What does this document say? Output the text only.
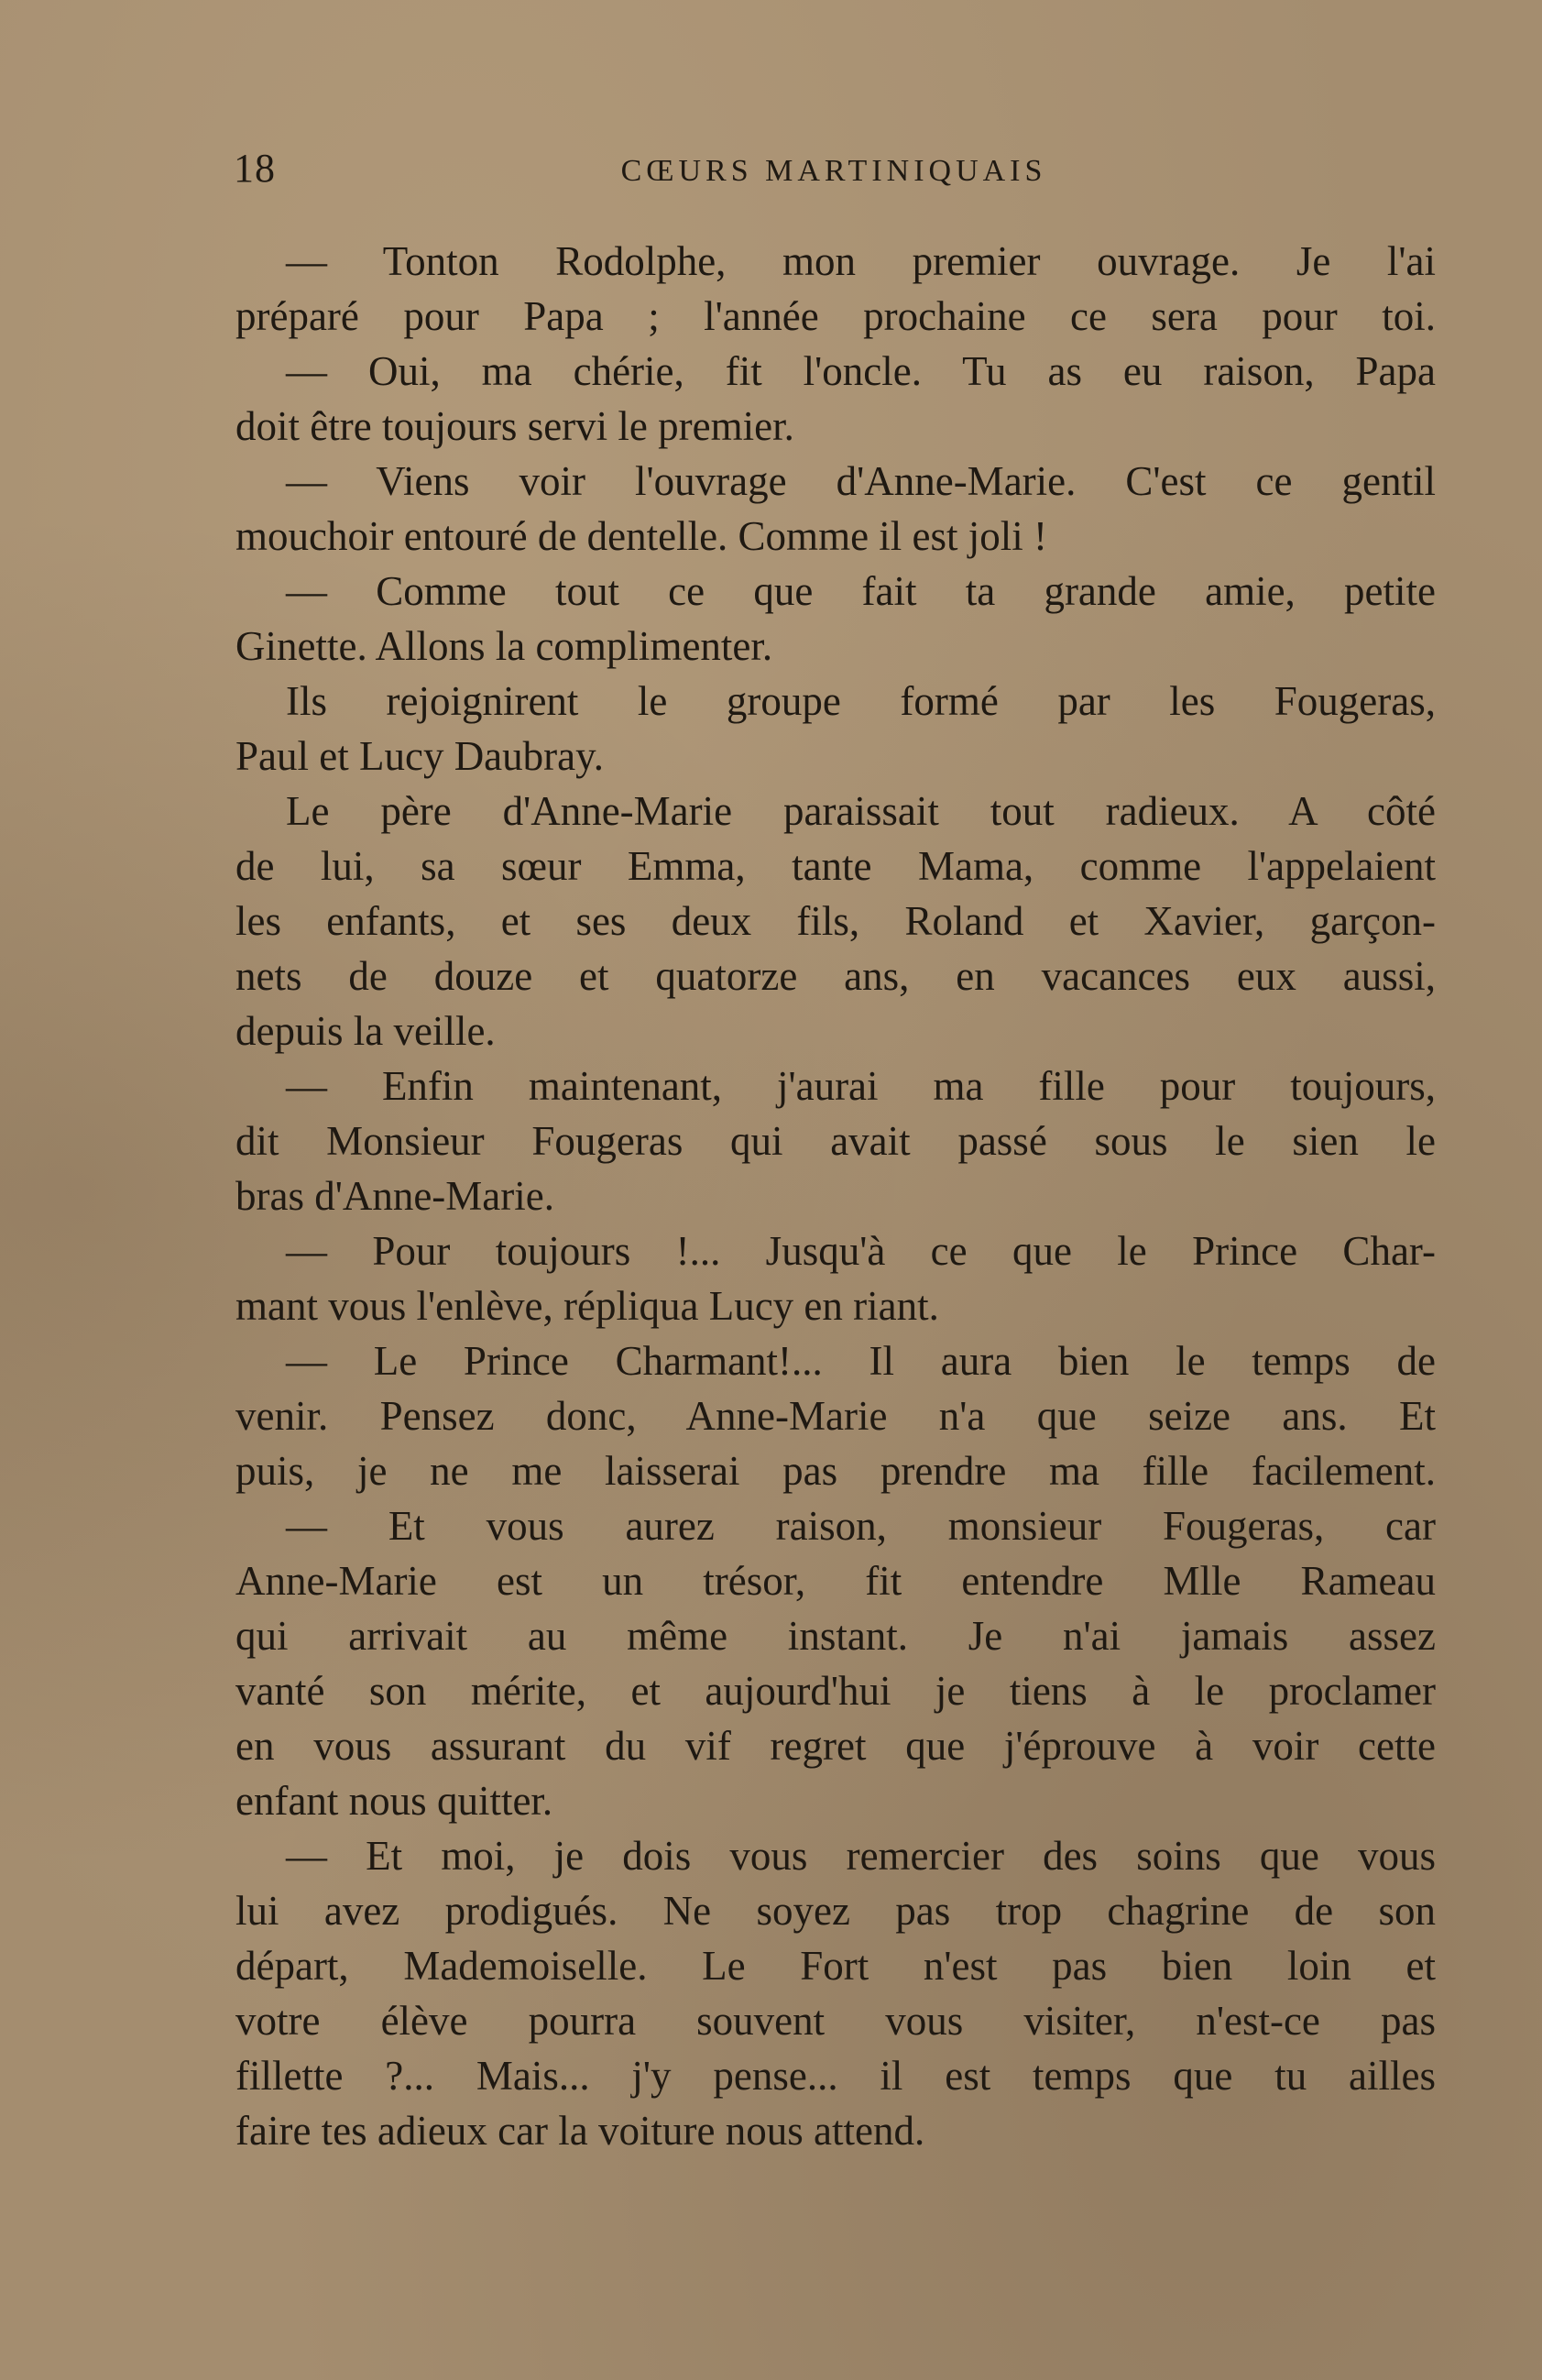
18	CŒURS MARTINIQUAIS
— Tonton Rodolphe, mon premier ouvrage. Je l'ai
préparé pour Papa ; l'année prochaine ce sera pour toi.
— Oui, ma chérie, fit l'oncle. Tu as eu raison, Papa
doit être toujours servi le premier.
— Viens voir l'ouvrage d'Anne-Marie. C'est ce gentil
mouchoir entouré de dentelle. Comme il est joli !
— Comme tout ce que fait ta grande amie, petite
Ginette. Allons la complimenter.
Ils rejoignirent le groupe formé par les Fougeras,
Paul et Lucy Daubray.
Le père d'Anne-Marie paraissait tout radieux. A côté
de lui, sa sœur Emma, tante Mama, comme l'appelaient
les enfants, et ses deux fils, Roland et Xavier, garçon-
nets de douze et quatorze ans, en vacances eux aussi,
depuis la veille.
— Enfin maintenant, j'aurai ma fille pour toujours,
dit Monsieur Fougeras qui avait passé sous le sien le
bras d'Anne-Marie.
— Pour toujours !... Jusqu'à ce que le Prince Char-
mant vous l'enlève, répliqua Lucy en riant.
— Le Prince Charmant!... Il aura bien le temps de
venir. Pensez donc, Anne-Marie n'a que seize ans. Et
puis, je ne me laisserai pas prendre ma fille facilement.
— Et vous aurez raison, monsieur Fougeras, car
Anne-Marie est un trésor, fit entendre Mlle Rameau
qui arrivait au même instant. Je n'ai jamais assez
vanté son mérite, et aujourd'hui je tiens à le proclamer
en vous assurant du vif regret que j'éprouve à voir cette
enfant nous quitter.
— Et moi, je dois vous remercier des soins que vous
lui avez prodigués. Ne soyez pas trop chagrine de son
départ, Mademoiselle. Le Fort n'est pas bien loin et
votre élève pourra souvent vous visiter, n'est-ce pas
fillette ?... Mais... j'y pense... il est temps que tu ailles
faire tes adieux car la voiture nous attend.
